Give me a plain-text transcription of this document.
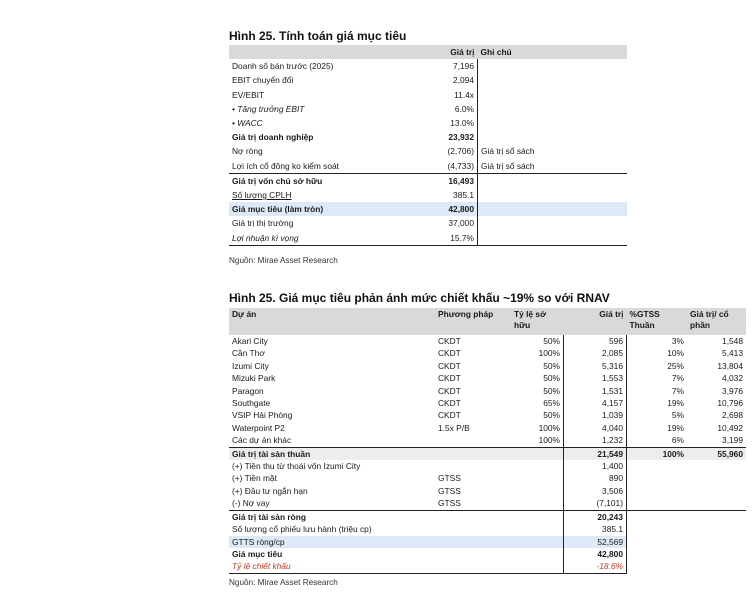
Hình 25. Tính toán giá mục tiêu
	Giá trị	Ghi chú
Doanh số bán trước (2025)	7,196	
EBIT chuyển đổi	2,094	
EV/EBIT	11.4x	
• Tăng trưởng EBIT	6.0%	
• WACC	13.0%	
Giá trị doanh nghiệp	23,932	
Nợ ròng	(2,706)	Giá trị sổ sách
Lợi ích cổ đông ko kiểm soát	(4,733)	Giá trị sổ sách
Giá trị vốn chủ sở hữu	16,493	
Số lượng CPLH	385.1	
Giá mục tiêu (làm tròn)	42,800	
Giá trị thị trường	37,000	
Lợi nhuận kì vọng	15.7%	
Nguồn: Mirae Asset Research
Hình 25. Giá mục tiêu phản ánh mức chiết khấu ~19% so với RNAV
Dự án	Phương pháp	Tỷ lệ sở hữu	Giá trị	%GTSS Thuần	Giá trị/ cổ phần
Akari City	CKDT	50%	596	3%	1,548
Cần Thơ	CKDT	100%	2,085	10%	5,413
Izumi City	CKDT	50%	5,316	25%	13,804
Mizuki Park	CKDT	50%	1,553	7%	4,032
Paragon	CKDT	50%	1,531	7%	3,976
Southgate	CKDT	65%	4,157	19%	10,796
VSIP Hải Phòng	CKDT	50%	1,039	5%	2,698
Waterpoint P2	1.5x P/B	100%	4,040	19%	10,492
Các dự án khác		100%	1,232	6%	3,199
Giá trị tài sản thuần			21,549	100%	55,960
(+) Tiền thu từ thoái vốn Izumi City			1,400		
(+) Tiền mặt	GTSS		890		
(+) Đầu tư ngắn hạn	GTSS		3,506		
(-) Nợ vay	GTSS		(7,101)		
Giá trị tài sản ròng			20,243		
Số lượng cổ phiếu lưu hành (triệu cp)			385.1		
GTTS ròng/cp			52,569		
Giá mục tiêu			42,800		
Tỷ lệ chiết khấu			-18.6%		
Nguồn: Mirae Asset Research
